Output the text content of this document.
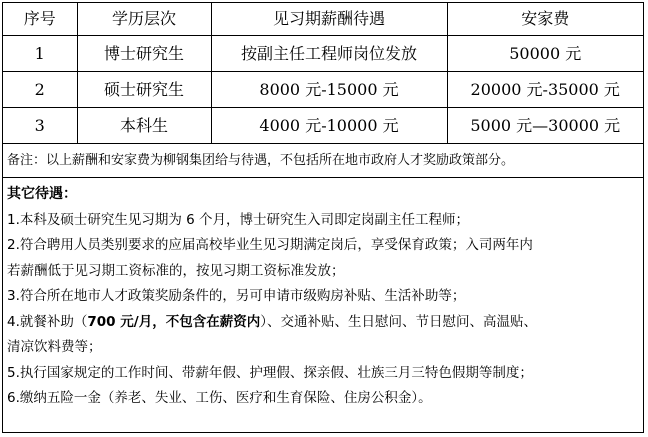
序号	学历层次	见习期薪酬待遇	安家费
1	博士研究生	按副主任工程师岗位发放	50000 元
2	硕士研究生	8000 元-15000 元	20000 元-35000 元
3	本科生	4000 元-10000 元	5000 元—30000 元
备注：以上薪酬和安家费为柳钢集团给与待遇，不包括所在地市政府人才奖励政策部分。
其它待遇：
1.本科及硕士研究生见习期为 6 个月，博士研究生入司即定岗副主任工程师；
2.符合聘用人员类别要求的应届高校毕业生见习期满定岗后，享受保育政策；入司两年内
若薪酬低于见习期工资标准的，按见习期工资标准发放；
3.符合所在地市人才政策奖励条件的，另可申请市级购房补贴、生活补助等；
4.就餐补助（700 元/月，不包含在薪资内）、交通补贴、生日慰问、节日慰问、高温贴、
清凉饮料费等；
5.执行国家规定的工作时间、带薪年假、护理假、探亲假、壮族三月三特色假期等制度；
6.缴纳五险一金（养老、失业、工伤、医疗和生育保险、住房公积金）。
